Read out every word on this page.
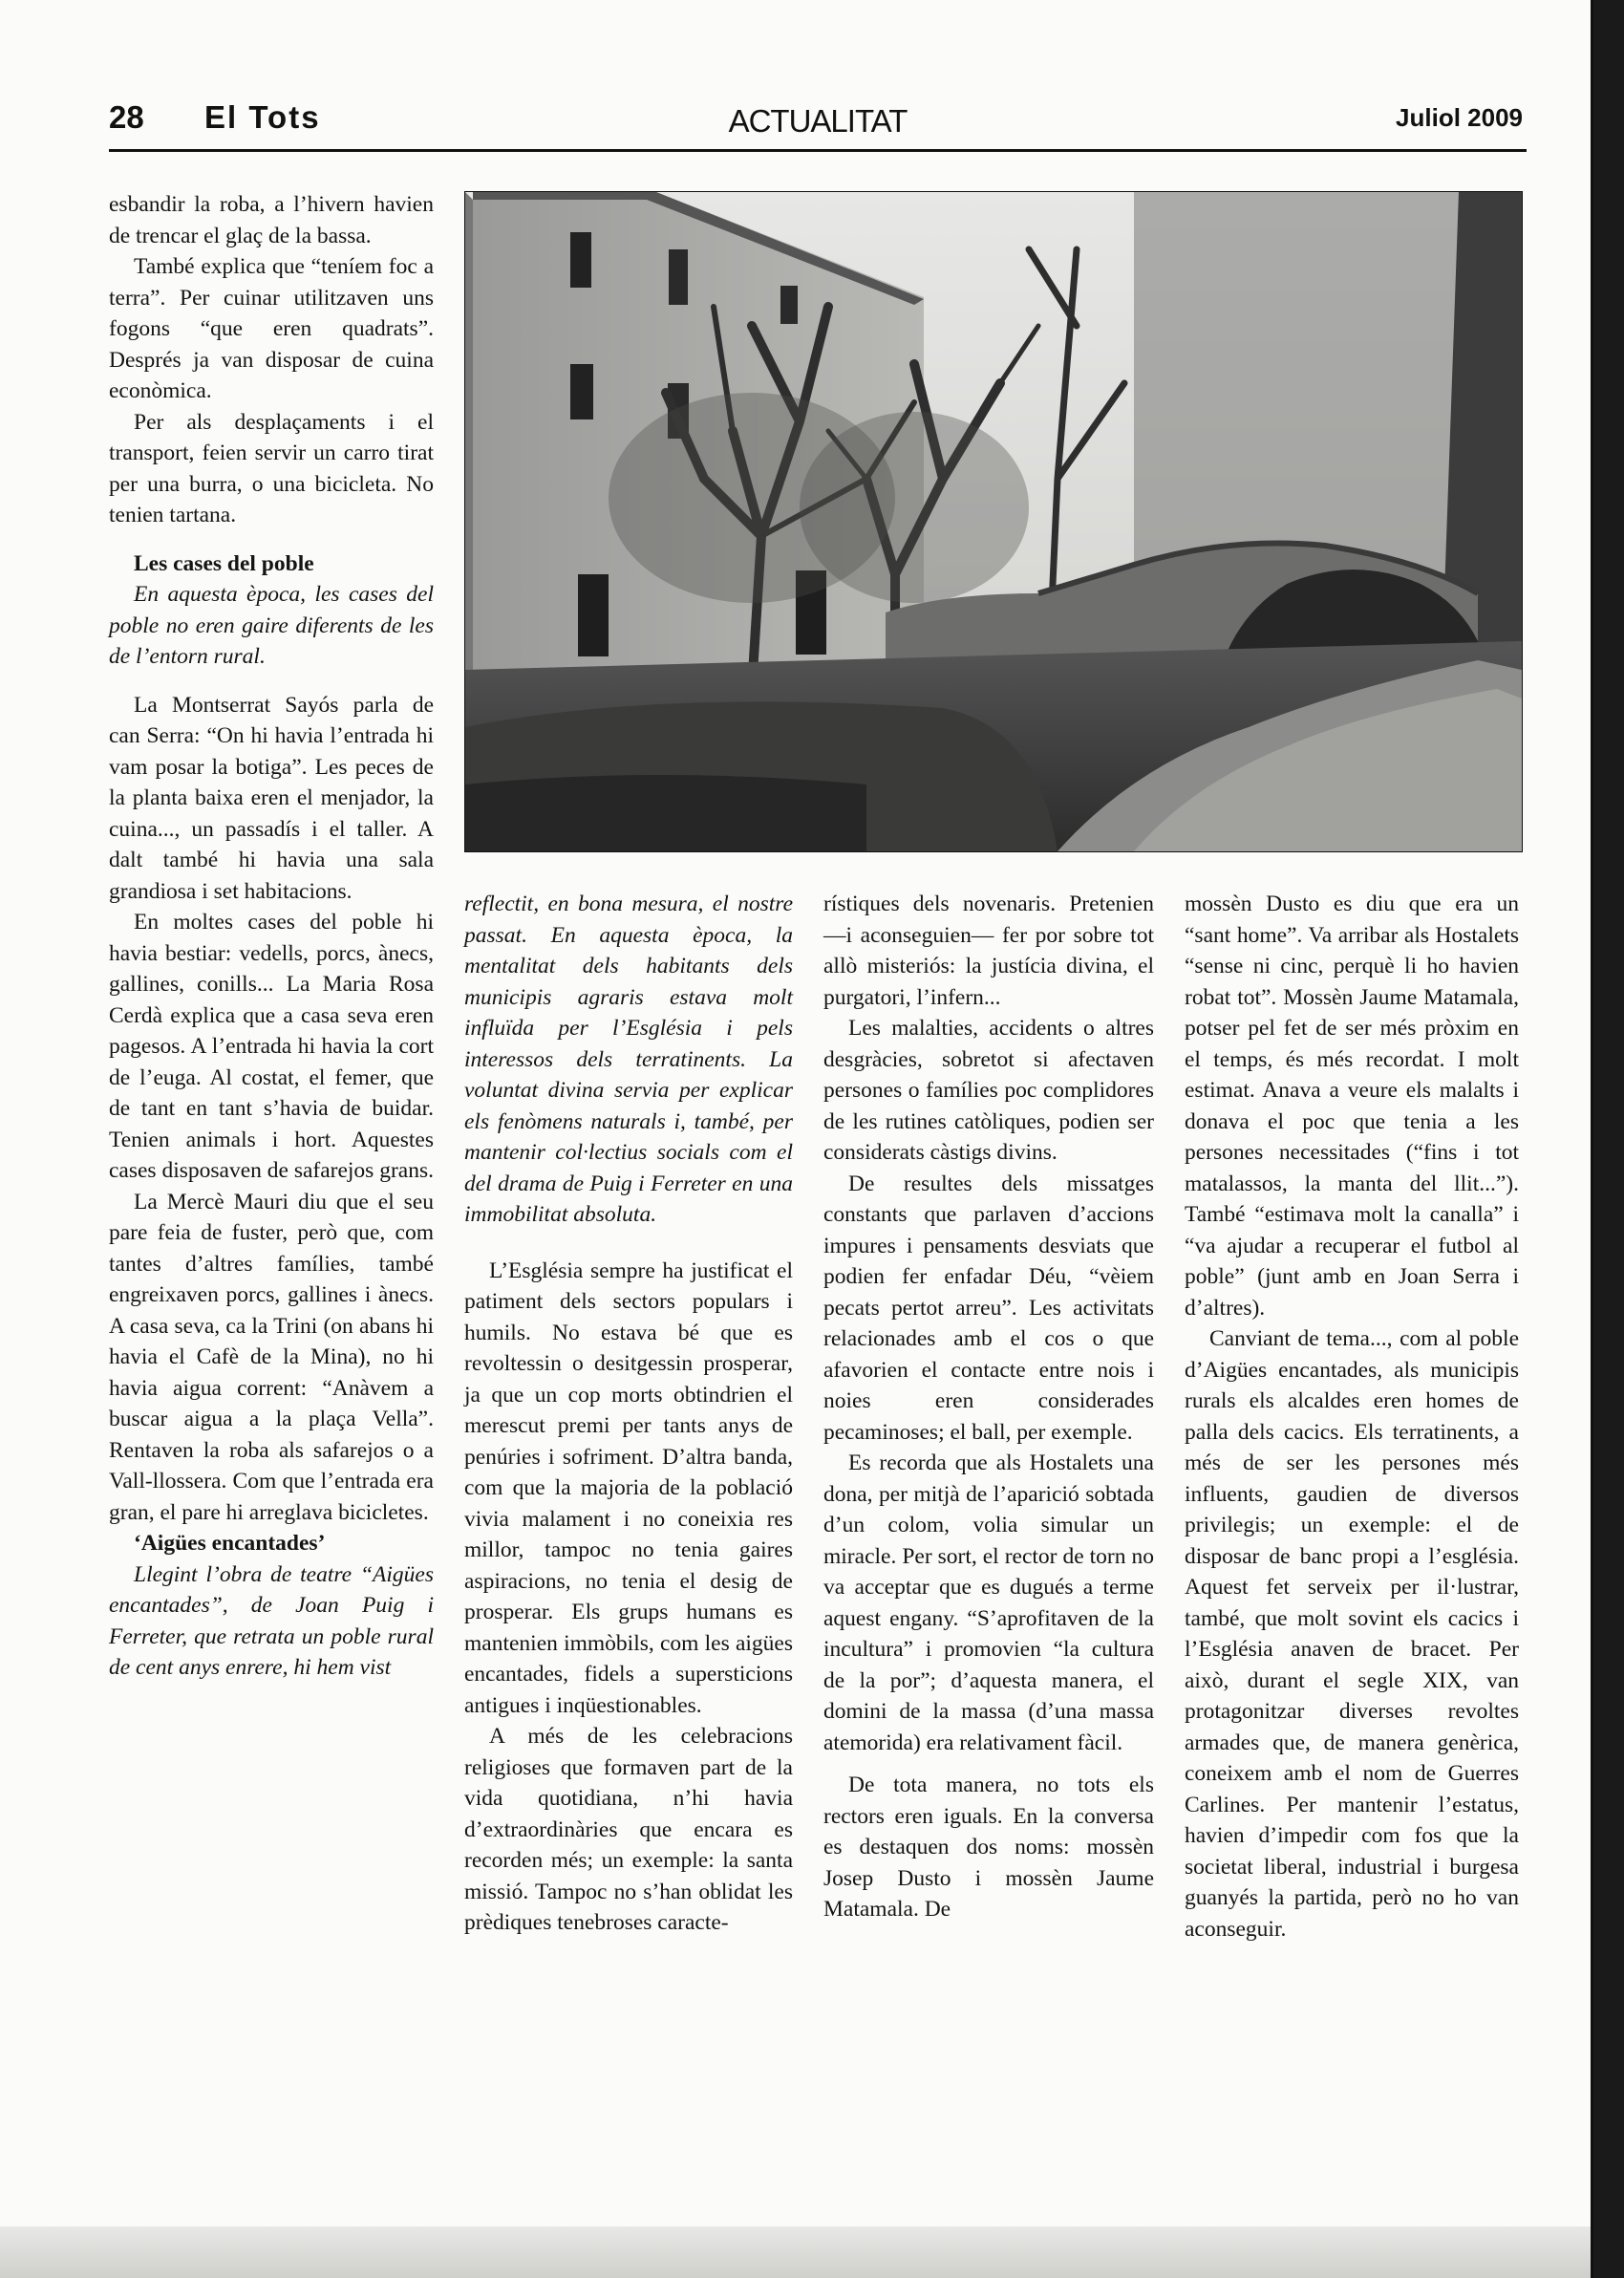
28 El Tots	ACTUALITAT	Juliol 2009

esbandir la roba, a l’hivern havien de trencar el glaç de la bassa.

També explica que “teníem foc a terra”. Per cuinar utilitzaven uns fogons “que eren quadrats”. Després ja van disposar de cuina econòmica.

Per als desplaçaments i el transport, feien servir un carro tirat per una burra, o una bicicleta. No tenien tartana.

Les cases del poble

En aquesta època, les cases del poble no eren gaire diferents de les de l’entorn rural.

La Montserrat Sayós parla de can Serra: “On hi havia l’entrada hi vam posar la botiga”. Les peces de la planta baixa eren el menjador, la cuina..., un passadís i el taller. A dalt també hi havia una sala grandiosa i set habitacions.

En moltes cases del poble hi havia bestiar: vedells, porcs, ànecs, gallines, conills... La Maria Rosa Cerdà explica que a casa seva eren pagesos. A l’entrada hi havia la cort de l’euga. Al costat, el femer, que de tant en tant s’havia de buidar. Tenien animals i hort. Aquestes cases disposaven de safarejos grans.

La Mercè Mauri diu que el seu pare feia de fuster, però que, com tantes d’altres famílies, també engreixaven porcs, gallines i ànecs. A casa seva, ca la Trini (on abans hi havia el Cafè de la Mina), no hi havia aigua corrent: “Anàvem a buscar aigua a la plaça Vella”. Rentaven la roba als safarejos o a Vall-llossera. Com que l’entrada era gran, el pare hi arreglava bicicletes.

‘Aigües encantades’

Llegint l’obra de teatre “Aigües encantades”, de Joan Puig i Ferreter, que retrata un poble rural de cent anys enrere, hi hem vist

reflectit, en bona mesura, el nostre passat. En aquesta època, la mentalitat dels habitants dels municipis agraris estava molt influïda per l’Església i pels interessos dels terratinents. La voluntat divina servia per explicar els fenòmens naturals i, també, per mantenir col·lectius socials com el del drama de Puig i Ferreter en una immobilitat absoluta.

L’Església sempre ha justificat el patiment dels sectors populars i humils. No estava bé que es revoltessin o desitgessin prosperar, ja que un cop morts obtindrien el merescut premi per tants anys de penúries i sofriment. D’altra banda, com que la majoria de la població vivia malament i no coneixia res millor, tampoc no tenia gaires aspiracions, no tenia el desig de prosperar. Els grups humans es mantenien immòbils, com les aigües encantades, fidels a supersticions antigues i inqüestionables.

A més de les celebracions religioses que formaven part de la vida quotidiana, n’hi havia d’extraordinàries que encara es recorden més; un exemple: la santa missió. Tampoc no s’han oblidat les prèdiques tenebroses caracte-

rístiques dels novenaris. Pretenien —i aconseguien— fer por sobre tot allò misteriós: la justícia divina, el purgatori, l’infern...

Les malalties, accidents o altres desgràcies, sobretot si afectaven persones o famílies poc complidores de les rutines catòliques, podien ser considerats càstigs divins.

De resultes dels missatges constants que parlaven d’accions impures i pensaments desviats que podien fer enfadar Déu, “vèiem pecats pertot arreu”. Les activitats relacionades amb el cos o que afavorien el contacte entre nois i noies eren considerades pecaminoses; el ball, per exemple.

Es recorda que als Hostalets una dona, per mitjà de l’aparició sobtada d’un colom, volia simular un miracle. Per sort, el rector de torn no va acceptar que es dugués a terme aquest engany. “S’aprofitaven de la incultura” i promovien “la cultura de la por”; d’aquesta manera, el domini de la massa (d’una massa atemorida) era relativament fàcil.

De tota manera, no tots els rectors eren iguals. En la conversa es destaquen dos noms: mossèn Josep Dusto i mossèn Jaume Matamala. De

mossèn Dusto es diu que era un “sant home”. Va arribar als Hostalets “sense ni cinc, perquè li ho havien robat tot”. Mossèn Jaume Matamala, potser pel fet de ser més pròxim en el temps, és més recordat. I molt estimat. Anava a veure els malalts i donava el poc que tenia a les persones necessitades (“fins i tot matalassos, la manta del llit...”). També “estimava molt la canalla” i “va ajudar a recuperar el futbol al poble” (junt amb en Joan Serra i d’altres).

Canviant de tema..., com al poble d’Aigües encantades, als municipis rurals els alcaldes eren homes de palla dels cacics. Els terratinents, a més de ser les persones més influents, gaudien de diversos privilegis; un exemple: el de disposar de banc propi a l’església. Aquest fet serveix per il·lustrar, també, que molt sovint els cacics i l’Església anaven de bracet. Per això, durant el segle XIX, van protagonitzar diverses revoltes armades que, de manera genèrica, coneixem amb el nom de Guerres Carlines. Per mantenir l’estatus, havien d’impedir com fos que la societat liberal, industrial i burgesa guanyés la partida, però no ho van aconseguir.
